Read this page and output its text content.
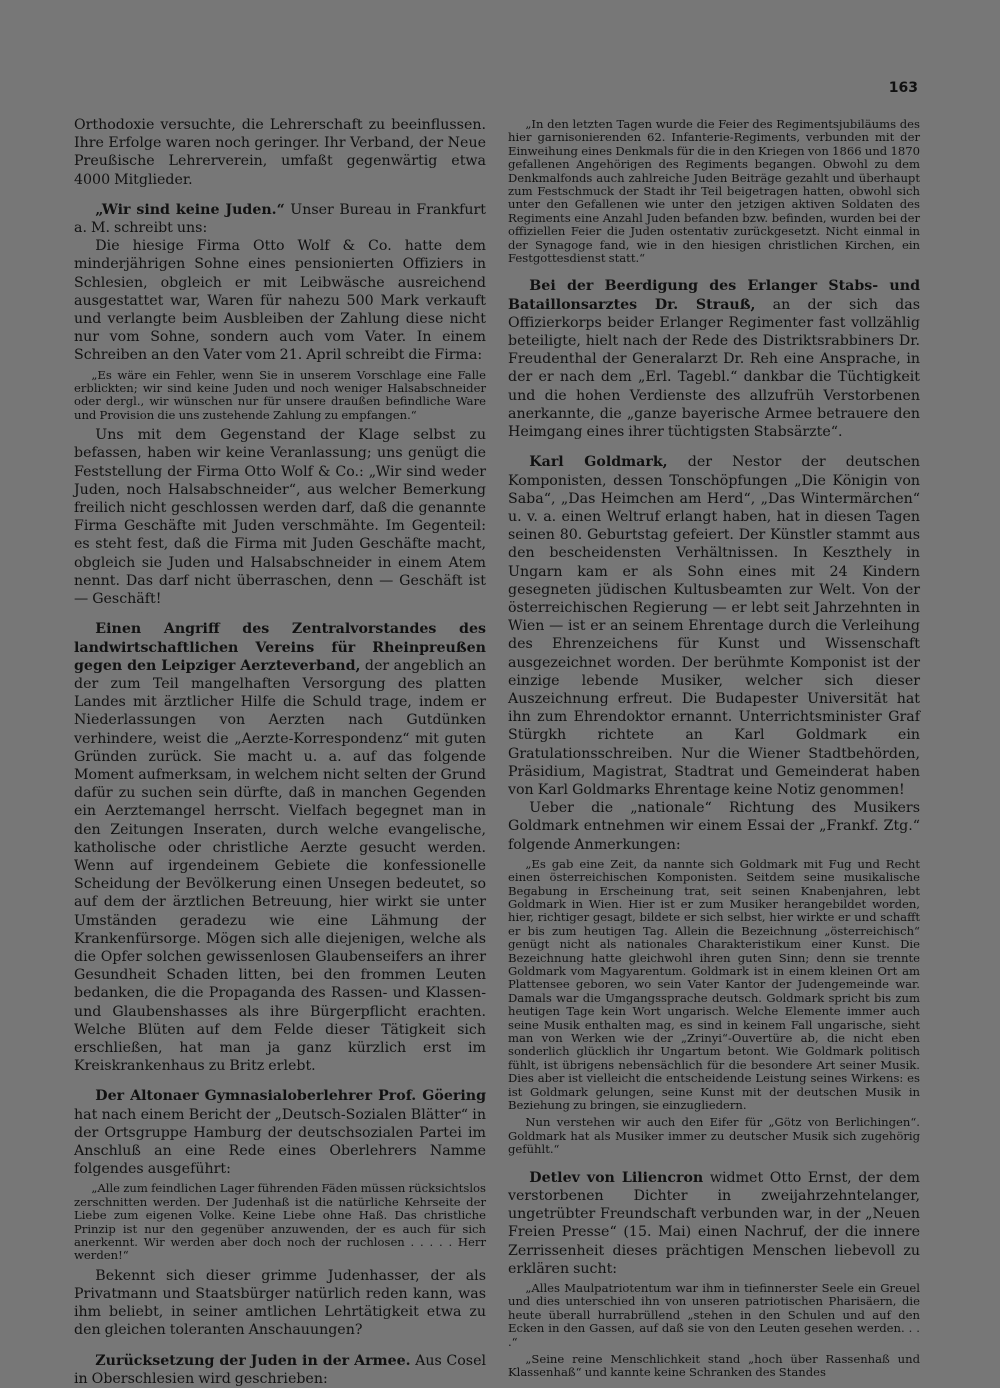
163

Orthodoxie versuchte, die Lehrerschaft zu beeinflussen. Ihre Erfolge waren noch geringer. Ihr Verband, der Neue Preußische Lehrerverein, umfaßt gegenwärtig etwa 4000 Mitglieder.

„Wir sind keine Juden.“ Unser Bureau in Frankfurt a. M. schreibt uns:

Die hiesige Firma Otto Wolf & Co. hatte dem minderjährigen Sohne eines pensionierten Offiziers in Schlesien, obgleich er mit Leibwäsche ausreichend ausgestattet war, Waren für nahezu 500 Mark verkauft und verlangte beim Ausbleiben der Zahlung diese nicht nur vom Sohne, sondern auch vom Vater. In einem Schreiben an den Vater vom 21. April schreibt die Firma:

„Es wäre ein Fehler, wenn Sie in unserem Vorschlage eine Falle erblickten; wir sind keine Juden und noch weniger Halsabschneider oder dergl., wir wünschen nur für unsere draußen befindliche Ware und Provision die uns zustehende Zahlung zu empfangen.“

Uns mit dem Gegenstand der Klage selbst zu befassen, haben wir keine Veranlassung; uns genügt die Feststellung der Firma Otto Wolf & Co.: „Wir sind weder Juden, noch Halsabschneider“, aus welcher Bemerkung freilich nicht geschlossen werden darf, daß die genannte Firma Geschäfte mit Juden verschmähte. Im Gegenteil: es steht fest, daß die Firma mit Juden Geschäfte macht, obgleich sie Juden und Halsabschneider in einem Atem nennt. Das darf nicht überraschen, denn — Geschäft ist — Geschäft!

Einen Angriff des Zentralvorstandes des landwirtschaftlichen Vereins für Rheinpreußen gegen den Leipziger Aerzteverband, der angeblich an der zum Teil mangelhaften Versorgung des platten Landes mit ärztlicher Hilfe die Schuld trage, indem er Niederlassungen von Aerzten nach Gutdünken verhindere, weist die „Aerzte-Korrespondenz“ mit guten Gründen zurück. Sie macht u. a. auf das folgende Moment aufmerksam, in welchem nicht selten der Grund dafür zu suchen sein dürfte, daß in manchen Gegenden ein Aerztemangel herrscht. Vielfach begegnet man in den Zeitungen Inseraten, durch welche evangelische, katholische oder christliche Aerzte gesucht werden. Wenn auf irgendeinem Gebiete die konfessionelle Scheidung der Bevölkerung einen Unsegen bedeutet, so auf dem der ärztlichen Betreuung, hier wirkt sie unter Umständen geradezu wie eine Lähmung der Krankenfürsorge. Mögen sich alle diejenigen, welche als die Opfer solchen gewissenlosen Glaubenseifers an ihrer Gesundheit Schaden litten, bei den frommen Leuten bedanken, die die Propaganda des Rassen- und Klassen- und Glaubenshasses als ihre Bürgerpflicht erachten. Welche Blüten auf dem Felde dieser Tätigkeit sich erschließen, hat man ja ganz kürzlich erst im Kreiskrankenhaus zu Britz erlebt.

Der Altonaer Gymnasialoberlehrer Prof. Göering hat nach einem Bericht der „Deutsch-Sozialen Blätter“ in der Ortsgruppe Hamburg der deutschsozialen Partei im Anschluß an eine Rede eines Oberlehrers Namme folgendes ausgeführt:

„Alle zum feindlichen Lager führenden Fäden müssen rücksichtslos zerschnitten werden. Der Judenhaß ist die natürliche Kehrseite der Liebe zum eigenen Volke. Keine Liebe ohne Haß. Das christliche Prinzip ist nur den gegenüber anzuwenden, der es auch für sich anerkennt. Wir werden aber doch noch der ruchlosen . . . . . Herr werden!“

Bekennt sich dieser grimme Judenhasser, der als Privatmann und Staatsbürger natürlich reden kann, was ihm beliebt, in seiner amtlichen Lehrtätigkeit etwa zu den gleichen toleranten Anschauungen?

Zurücksetzung der Juden in der Armee. Aus Cosel in Oberschlesien wird geschrieben:

„In den letzten Tagen wurde die Feier des Regimentsjubiläums des hier garnisonierenden 62. Infanterie-Regiments, verbunden mit der Einweihung eines Denkmals für die in den Kriegen von 1866 und 1870 gefallenen Angehörigen des Regiments begangen. Obwohl zu dem Denkmalfonds auch zahlreiche Juden Beiträge gezahlt und überhaupt zum Festschmuck der Stadt ihr Teil beigetragen hatten, obwohl sich unter den Gefallenen wie unter den jetzigen aktiven Soldaten des Regiments eine Anzahl Juden befanden bzw. befinden, wurden bei der offiziellen Feier die Juden ostentativ zurückgesetzt. Nicht einmal in der Synagoge fand, wie in den hiesigen christlichen Kirchen, ein Festgottesdienst statt.“

Bei der Beerdigung des Erlanger Stabs- und Bataillonsarztes Dr. Strauß, an der sich das Offizierkorps beider Erlanger Regimenter fast vollzählig beteiligte, hielt nach der Rede des Distriktsrabbiners Dr. Freudenthal der Generalarzt Dr. Reh eine Ansprache, in der er nach dem „Erl. Tagebl.“ dankbar die Tüchtigkeit und die hohen Verdienste des allzufrüh Verstorbenen anerkannte, die „ganze bayerische Armee betrauere den Heimgang eines ihrer tüchtigsten Stabsärzte“.

Karl Goldmark, der Nestor der deutschen Komponisten, dessen Tonschöpfungen „Die Königin von Saba“, „Das Heimchen am Herd“, „Das Wintermärchen“ u. v. a. einen Weltruf erlangt haben, hat in diesen Tagen seinen 80. Geburtstag gefeiert. Der Künstler stammt aus den bescheidensten Verhältnissen. In Keszthely in Ungarn kam er als Sohn eines mit 24 Kindern gesegneten jüdischen Kultusbeamten zur Welt. Von der österreichischen Regierung — er lebt seit Jahrzehnten in Wien — ist er an seinem Ehrentage durch die Verleihung des Ehrenzeichens für Kunst und Wissenschaft ausgezeichnet worden. Der berühmte Komponist ist der einzige lebende Musiker, welcher sich dieser Auszeichnung erfreut. Die Budapester Universität hat ihn zum Ehrendoktor ernannt. Unterrichtsminister Graf Stürgkh richtete an Karl Goldmark ein Gratulationsschreiben. Nur die Wiener Stadtbehörden, Präsidium, Magistrat, Stadtrat und Gemeinderat haben von Karl Goldmarks Ehrentage keine Notiz genommen!

Ueber die „nationale“ Richtung des Musikers Goldmark entnehmen wir einem Essai der „Frankf. Ztg.“ folgende Anmerkungen:

„Es gab eine Zeit, da nannte sich Goldmark mit Fug und Recht einen österreichischen Komponisten. Seitdem seine musikalische Begabung in Erscheinung trat, seit seinen Knabenjahren, lebt Goldmark in Wien. Hier ist er zum Musiker herangebildet worden, hier, richtiger gesagt, bildete er sich selbst, hier wirkte er und schafft er bis zum heutigen Tag. Allein die Bezeichnung „österreichisch“ genügt nicht als nationales Charakteristikum einer Kunst. Die Bezeichnung hatte gleichwohl ihren guten Sinn; denn sie trennte Goldmark vom Magyarentum. Goldmark ist in einem kleinen Ort am Plattensee geboren, wo sein Vater Kantor der Judengemeinde war. Damals war die Umgangssprache deutsch. Goldmark spricht bis zum heutigen Tage kein Wort ungarisch. Welche Elemente immer auch seine Musik enthalten mag, es sind in keinem Fall ungarische, sieht man von Werken wie der „Zrinyi“-Ouvertüre ab, die nicht eben sonderlich glücklich ihr Ungartum betont. Wie Goldmark politisch fühlt, ist übrigens nebensächlich für die besondere Art seiner Musik. Dies aber ist vielleicht die entscheidende Leistung seines Wirkens: es ist Goldmark gelungen, seine Kunst mit der deutschen Musik in Beziehung zu bringen, sie einzugliedern.

Nun verstehen wir auch den Eifer für „Götz von Berlichingen“. Goldmark hat als Musiker immer zu deutscher Musik sich zugehörig gefühlt.“

Detlev von Liliencron widmet Otto Ernst, der dem verstorbenen Dichter in zweijahrzehntelanger, ungetrübter Freundschaft verbunden war, in der „Neuen Freien Presse“ (15. Mai) einen Nachruf, der die innere Zerrissenheit dieses prächtigen Menschen liebevoll zu erklären sucht:

„Alles Maulpatriotentum war ihm in tiefinnerster Seele ein Greuel und dies unterschied ihn von unseren patriotischen Pharisäern, die heute überall hurrabrüllend „stehen in den Schulen und auf den Ecken in den Gassen, auf daß sie von den Leuten gesehen werden. . . .“

„Seine reine Menschlichkeit stand „hoch über Rassenhaß und Klassenhaß“ und kannte keine Schranken des Standes
